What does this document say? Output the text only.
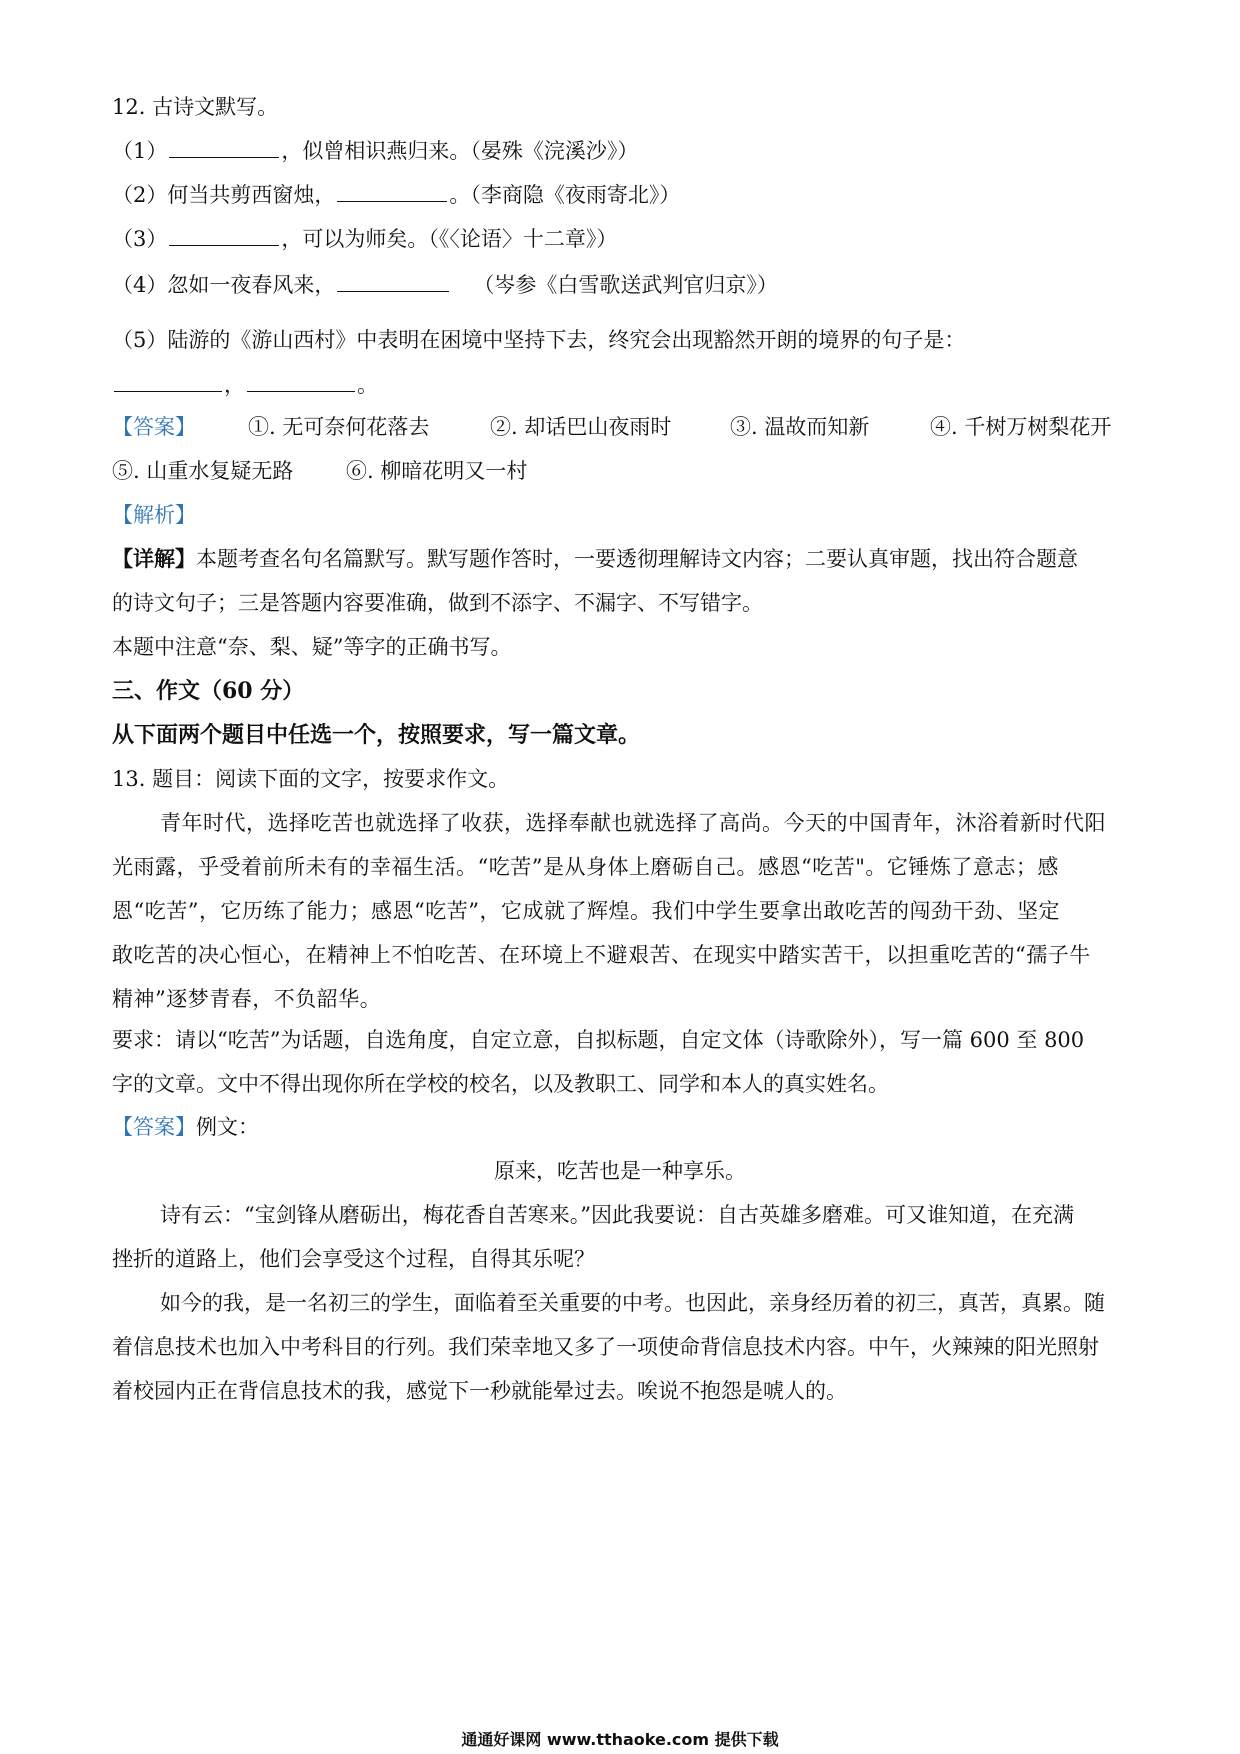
12. 古诗文默写。
（1）	，似曾相识燕归来。（晏殊《浣溪沙》）
（2）何当共剪西窗烛，	。（李商隐《夜雨寄北》）
（3）	，可以为师矣。（《〈论语〉十二章》）
（4）忽如一夜春风来，	（岑参《白雪歌送武判官归京》）
（5）陆游的《游山西村》中表明在困境中坚持下去，终究会出现豁然开朗的境界的句子是：
，	。
【答案】 ①. 无可奈何花落去	②. 却话巴山夜雨时	③. 温故而知新	④. 千树万树梨花开
⑤. 山重水复疑无路	⑥. 柳暗花明又一村
【解析】
【详解】本题考查名句名篇默写。默写题作答时，一要透彻理解诗文内容；二要认真审题，找出符合题意
的诗文句子；三是答题内容要准确，做到不添字、不漏字、不写错字。
本题中注意“奈、梨、疑”等字的正确书写。
三、作文（60 分）
从下面两个题目中任选一个，按照要求，写一篇文章。
13. 题目：阅读下面的文字，按要求作文。
青年时代，选择吃苦也就选择了收获，选择奉献也就选择了高尚。今天的中国青年，沐浴着新时代阳
光雨露，乎受着前所未有的幸福生活。“吃苦”是从身体上磨砺自己。感恩“吃苦"。它锤炼了意志；感
恩“吃苦”，它历练了能力；感恩“吃苦”，它成就了辉煌。我们中学生要拿出敢吃苦的闯劲干劲、坚定
敢吃苦的决心恒心，在精神上不怕吃苦、在环境上不避艰苦、在现实中踏实苦干，以担重吃苦的“孺子牛
精神”逐梦青春，不负韶华。
要求：请以“吃苦”为话题，自选角度，自定立意，自拟标题，自定文体（诗歌除外），写一篇 600 至 800
字的文章。文中不得出现你所在学校的校名，以及教职工、同学和本人的真实姓名。
【答案】例文：
原来，吃苦也是一种享乐。
诗有云：“宝剑锋从磨砺出，梅花香自苦寒来。”因此我要说：自古英雄多磨难。可又谁知道，在充满
挫折的道路上，他们会享受这个过程，自得其乐呢？
如今的我，是一名初三的学生，面临着至关重要的中考。也因此，亲身经历着的初三，真苦，真累。随
着信息技术也加入中考科目的行列。我们荣幸地又多了一项使命背信息技术内容。中午，火辣辣的阳光照射
着校园内正在背信息技术的我，感觉下一秒就能晕过去。唉说不抱怨是唬人的。
通通好课网 www.tthaoke.com 提供下载
